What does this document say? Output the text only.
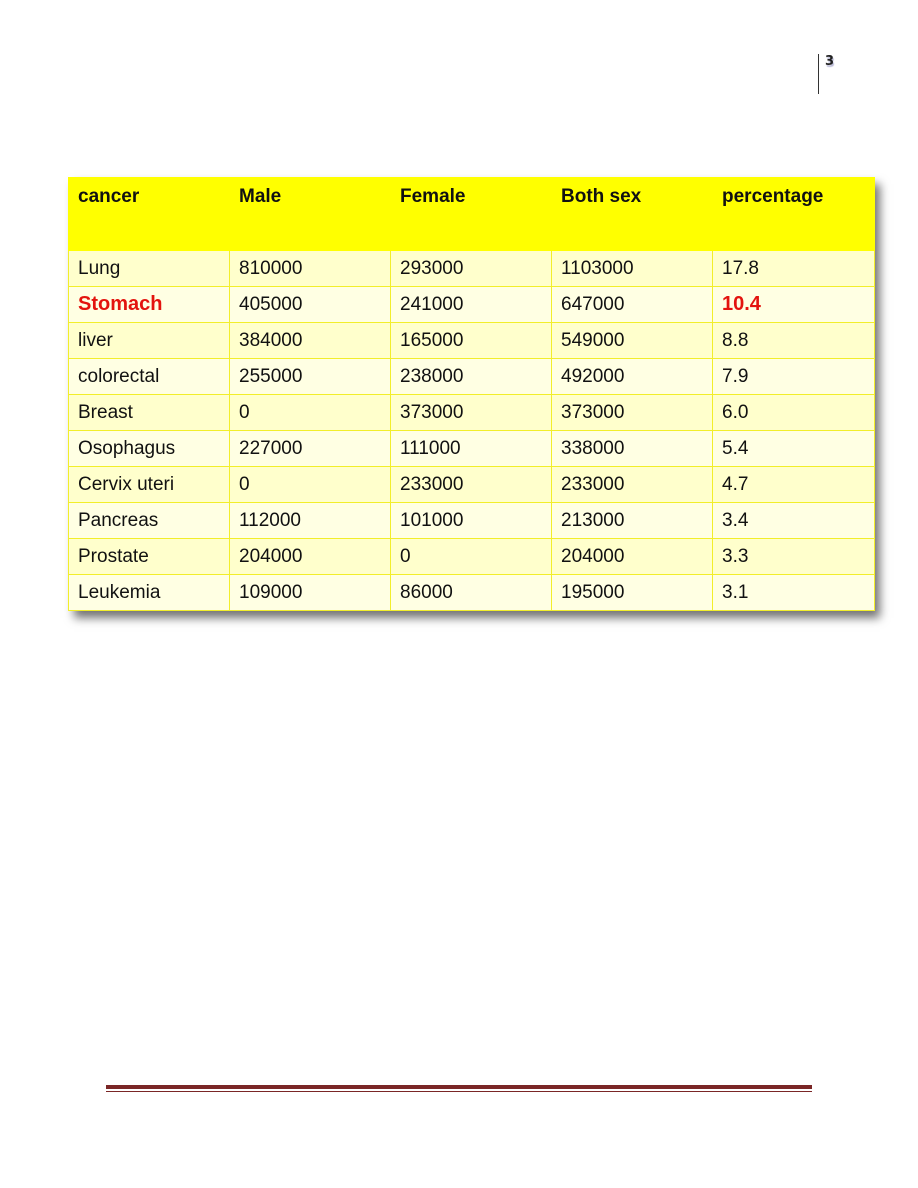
3
cancer	Male	Female	Both sex	percentage
Lung	810000	293000	1103000	17.8
Stomach	405000	241000	647000	10.4
liver	384000	165000	549000	8.8
colorectal	255000	238000	492000	7.9
Breast	0	373000	373000	6.0
Osophagus	227000	111000	338000	5.4
Cervix uteri	0	233000	233000	4.7
Pancreas	112000	101000	213000	3.4
Prostate	204000	0	204000	3.3
Leukemia	109000	86000	195000	3.1
